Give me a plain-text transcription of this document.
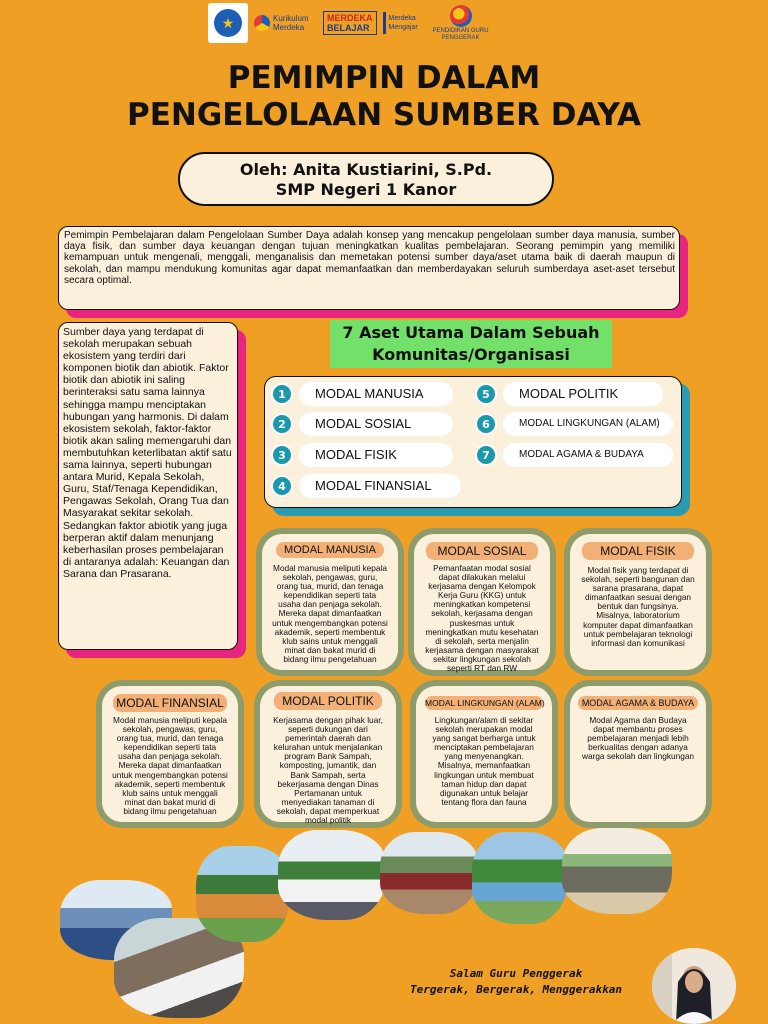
★	Kurikulum Merdeka
MERDEKA
BELAJAR
Merdeka Mengajar	PENDIDIKAN GURU PENGGERAK
PEMIMPIN DALAM
PENGELOLAAN SUMBER DAYA
Oleh: Anita Kustiarini, S.Pd.
SMP Negeri 1 Kanor
Pemimpin Pembelajaran dalam Pengelolaan Sumber Daya adalah konsep yang mencakup pengelolaan sumber daya manusia, sumber daya fisik, dan sumber daya keuangan dengan tujuan meningkatkan kualitas pembelajaran. Seorang pemimpin yang memiliki kemampuan untuk mengenali, menggali, menganalisis dan memetakan potensi sumber daya/aset utama baik di daerah maupun di sekolah, dan mampu mendukung komunitas agar dapat memanfaatkan dan memberdayakan seluruh sumberdaya aset-aset tersebut secara optimal.
Sumber daya yang terdapat di sekolah merupakan sebuah ekosistem yang terdiri dari komponen biotik dan abiotik. Faktor biotik dan abiotik ini saling berinteraksi satu sama lainnya sehingga mampu menciptakan hubungan yang harmonis. Di dalam ekosistem sekolah, faktor-faktor biotik akan saling memengaruhi dan membutuhkan keterlibatan aktif satu sama lainnya, seperti hubungan antara Murid, Kepala Sekolah, Guru, Staf/Tenaga Kependidikan, Pengawas Sekolah, Orang Tua dan Masyarakat sekitar sekolah. Sedangkan faktor abiotik yang juga berperan aktif dalam menunjang keberhasilan proses pembelajaran di antaranya adalah: Keuangan dan Sarana dan Prasarana.
7 Aset Utama Dalam Sebuah
Komunitas/Organisasi
1	MODAL MANUSIA
2	MODAL SOSIAL
3	MODAL FISIK
4	MODAL FINANSIAL
5	MODAL POLITIK
6	MODAL LINGKUNGAN (ALAM)
7	MODAL AGAMA & BUDAYA
MODAL MANUSIA
Modal manusia meliputi kepala sekolah, pengawas, guru, orang tua, murid, dan tenaga kependidikan seperti tata usaha dan penjaga sekolah. Mereka dapat dimanfaatkan untuk mengembangkan potensi akademik, seperti membentuk klub sains untuk menggali minat dan bakat murid di bidang ilmu pengetahuan
MODAL SOSIAL
Pemanfaatan modal sosial dapat dilakukan melalui kerjasama dengan Kelompok Kerja Guru (KKG) untuk meningkatkan kompetensi sekolah, kerjasama dengan puskesmas untuk meningkatkan mutu kesehatan di sekolah, serta menjalin kerjasama dengan masyarakat sekitar lingkungan sekolah seperti RT dan RW
MODAL FISIK
Modal fisik yang terdapat di sekolah, seperti bangunan dan sarana prasarana, dapat dimanfaatkan sesuai dengan bentuk dan fungsinya. Misalnya, laboratorium komputer dapat dimanfaatkan untuk pembelajaran teknologi informasi dan komunikasi
MODAL FINANSIAL
Modal manusia meliputi kepala sekolah, pengawas, guru, orang tua, murid, dan tenaga kependidikan seperti tata usaha dan penjaga sekolah. Mereka dapat dimanfaatkan untuk mengembangkan potensi akademik, seperti membentuk klub sains untuk menggali minat dan bakat murid di bidang ilmu pengetahuan
MODAL POLITIK
Kerjasama dengan pihak luar, seperti dukungan dari pemerintah daerah dan kelurahan untuk menjalankan program Bank Sampah, komposting, jumantik, dan Bank Sampah, serta bekerjasama dengan Dinas Pertamanan untuk menyediakan tanaman di sekolah, dapat memperkuat modal politik
MODAL LINGKUNGAN (ALAM)
Lingkungan/alam di sekitar sekolah merupakan modal yang sangat berharga untuk menciptakan pembelajaran yang menyenangkan. Misalnya, memanfaatkan lingkungan untuk membuat taman hidup dan dapat digunakan untuk belajar tentang flora dan fauna
MODAL AGAMA & BUDAYA
Modal Agama dan Budaya dapat membantu proses pembelajaran menjadi lebih berkualitas dengan adanya warga sekolah dan lingkungan
Salam Guru Penggerak
Tergerak, Bergerak, Menggerakkan
